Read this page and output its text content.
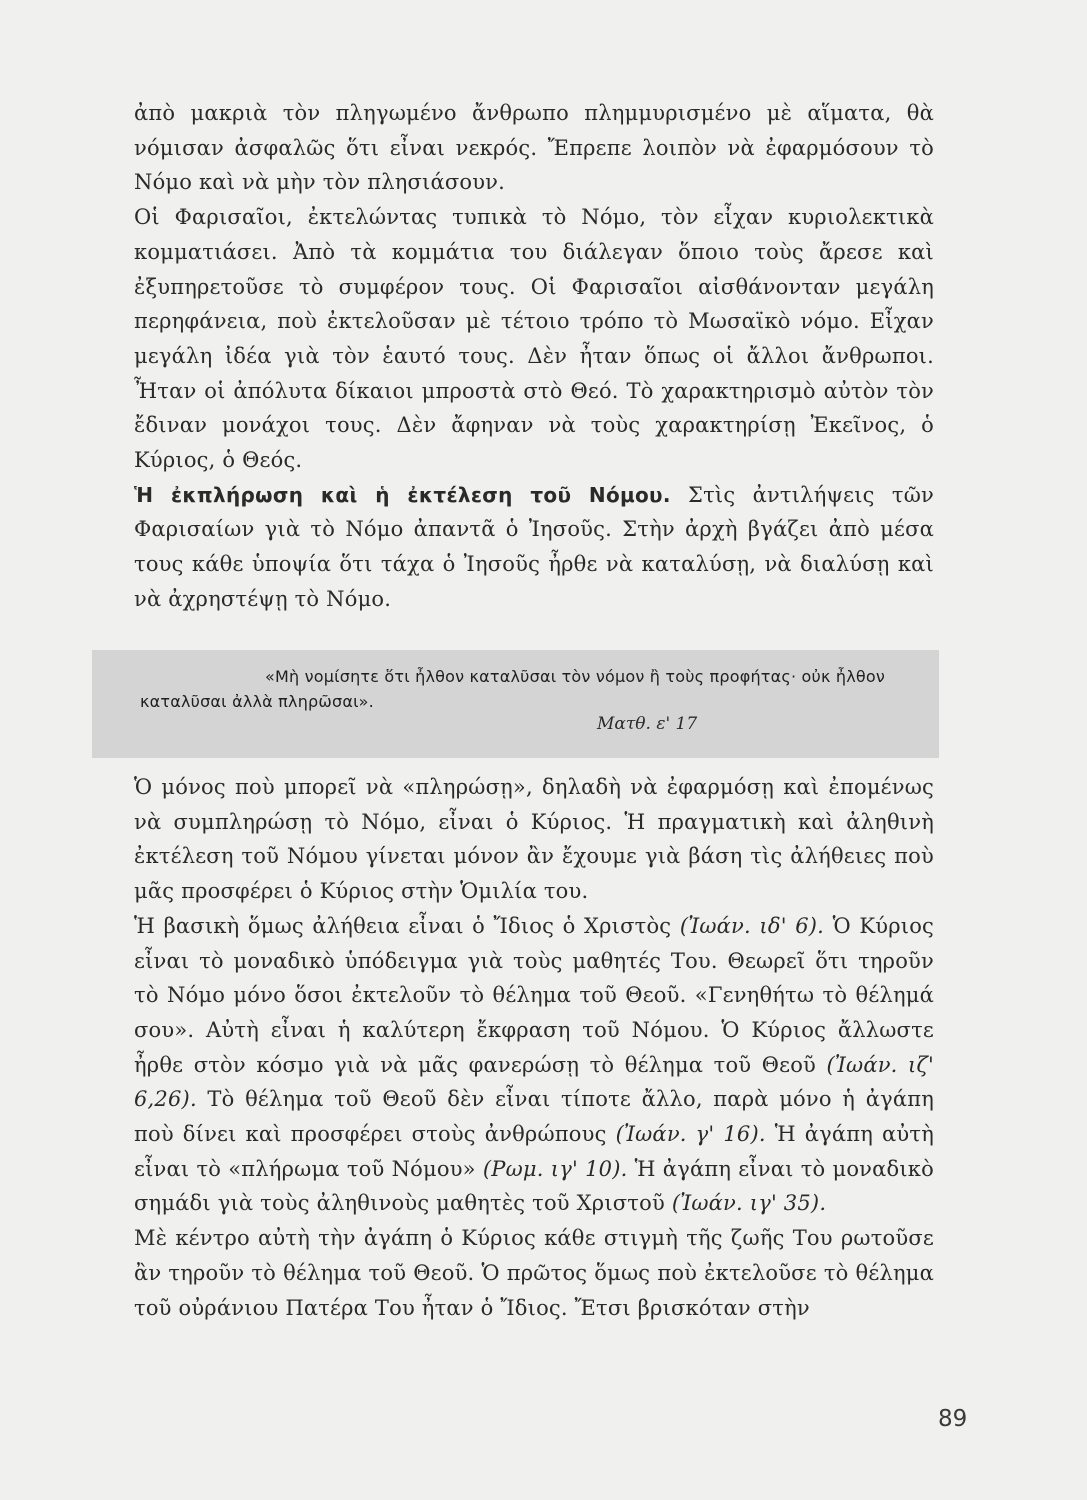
ἀπὸ μακριὰ τὸν πληγωμένο ἄνθρωπο πλημμυρισμένο μὲ αἵματα, θὰ νόμισαν ἀσφαλῶς ὅτι εἶναι νεκρός. Ἔπρεπε λοιπὸν νὰ ἐφαρμόσουν τὸ Νόμο καὶ νὰ μὴν τὸν πλησιάσουν.

Οἱ Φαρισαῖοι, ἐκτελώντας τυπικὰ τὸ Νόμο, τὸν εἶχαν κυριολεκτικὰ κομματιάσει. Ἀπὸ τὰ κομμάτια του διάλεγαν ὅποιο τοὺς ἄρεσε καὶ ἐξυπηρετοῦσε τὸ συμφέρον τους. Οἱ Φαρισαῖοι αἰσθάνονταν μεγάλη περηφάνεια, ποὺ ἐκτελοῦσαν μὲ τέτοιο τρόπο τὸ Μωσαϊκὸ νόμο. Εἶχαν μεγάλη ἰδέα γιὰ τὸν ἑαυτό τους. Δὲν ἦταν ὅπως οἱ ἄλλοι ἄνθρωποι. Ἦταν οἱ ἀπόλυτα δίκαιοι μπροστὰ στὸ Θεό. Τὸ χαρακτηρισμὸ αὐτὸν τὸν ἔδιναν μονάχοι τους. Δὲν ἄφηναν νὰ τοὺς χαρακτηρίσῃ Ἐκεῖνος, ὁ Κύριος, ὁ Θεός.

Ἡ ἐκπλήρωση καὶ ἡ ἐκτέλεση τοῦ Νόμου. Στὶς ἀντιλήψεις τῶν Φαρισαίων γιὰ τὸ Νόμο ἀπαντᾶ ὁ Ἰησοῦς. Στὴν ἀρχὴ βγάζει ἀπὸ μέσα τους κάθε ὑποψία ὅτι τάχα ὁ Ἰησοῦς ἦρθε νὰ καταλύσῃ, νὰ διαλύσῃ καὶ νὰ ἀχρηστέψῃ τὸ Νόμο.

«Μὴ νομίσητε ὅτι ἦλθον καταλῦσαι τὸν νόμον ἢ τοὺς προφήτας· οὐκ ἦλθον
καταλῦσαι ἀλλὰ πληρῶσαι».
Ματθ. ε' 17

Ὁ μόνος ποὺ μπορεῖ νὰ «πληρώσῃ», δηλαδὴ νὰ ἐφαρμόσῃ καὶ ἐπομένως νὰ συμπληρώσῃ τὸ Νόμο, εἶναι ὁ Κύριος. Ἡ πραγματικὴ καὶ ἀληθινὴ ἐκτέλεση τοῦ Νόμου γίνεται μόνον ἂν ἔχουμε γιὰ βάση τὶς ἀλήθειες ποὺ μᾶς προσφέρει ὁ Κύριος στὴν Ὁμιλία του.

Ἡ βασικὴ ὅμως ἀλήθεια εἶναι ὁ Ἴδιος ὁ Χριστὸς (Ἰωάν. ιδ' 6). Ὁ Κύριος εἶναι τὸ μοναδικὸ ὑπόδειγμα γιὰ τοὺς μαθητές Του. Θεωρεῖ ὅτι τηροῦν τὸ Νόμο μόνο ὅσοι ἐκτελοῦν τὸ θέλημα τοῦ Θεοῦ. «Γενηθήτω τὸ θέλημά σου». Αὐτὴ εἶναι ἡ καλύτερη ἔκφραση τοῦ Νόμου. Ὁ Κύριος ἄλλωστε ἦρθε στὸν κόσμο γιὰ νὰ μᾶς φανερώσῃ τὸ θέλημα τοῦ Θεοῦ (Ἰωάν. ιζ' 6,26). Τὸ θέλημα τοῦ Θεοῦ δὲν εἶναι τίποτε ἄλλο, παρὰ μόνο ἡ ἀγάπη ποὺ δίνει καὶ προσφέρει στοὺς ἀνθρώπους (Ἰωάν. γ' 16). Ἡ ἀγάπη αὐτὴ εἶναι τὸ «πλήρωμα τοῦ Νόμου» (Ρωμ. ιγ' 10). Ἡ ἀγάπη εἶναι τὸ μοναδικὸ σημάδι γιὰ τοὺς ἀληθινοὺς μαθητὲς τοῦ Χριστοῦ (Ἰωάν. ιγ' 35).

Μὲ κέντρο αὐτὴ τὴν ἀγάπη ὁ Κύριος κάθε στιγμὴ τῆς ζωῆς Του ρωτοῦσε ἂν τηροῦν τὸ θέλημα τοῦ Θεοῦ. Ὁ πρῶτος ὅμως ποὺ ἐκτελοῦσε τὸ θέλημα τοῦ οὐράνιου Πατέρα Του ἦταν ὁ Ἴδιος. Ἔτσι βρισκόταν στὴν

89
